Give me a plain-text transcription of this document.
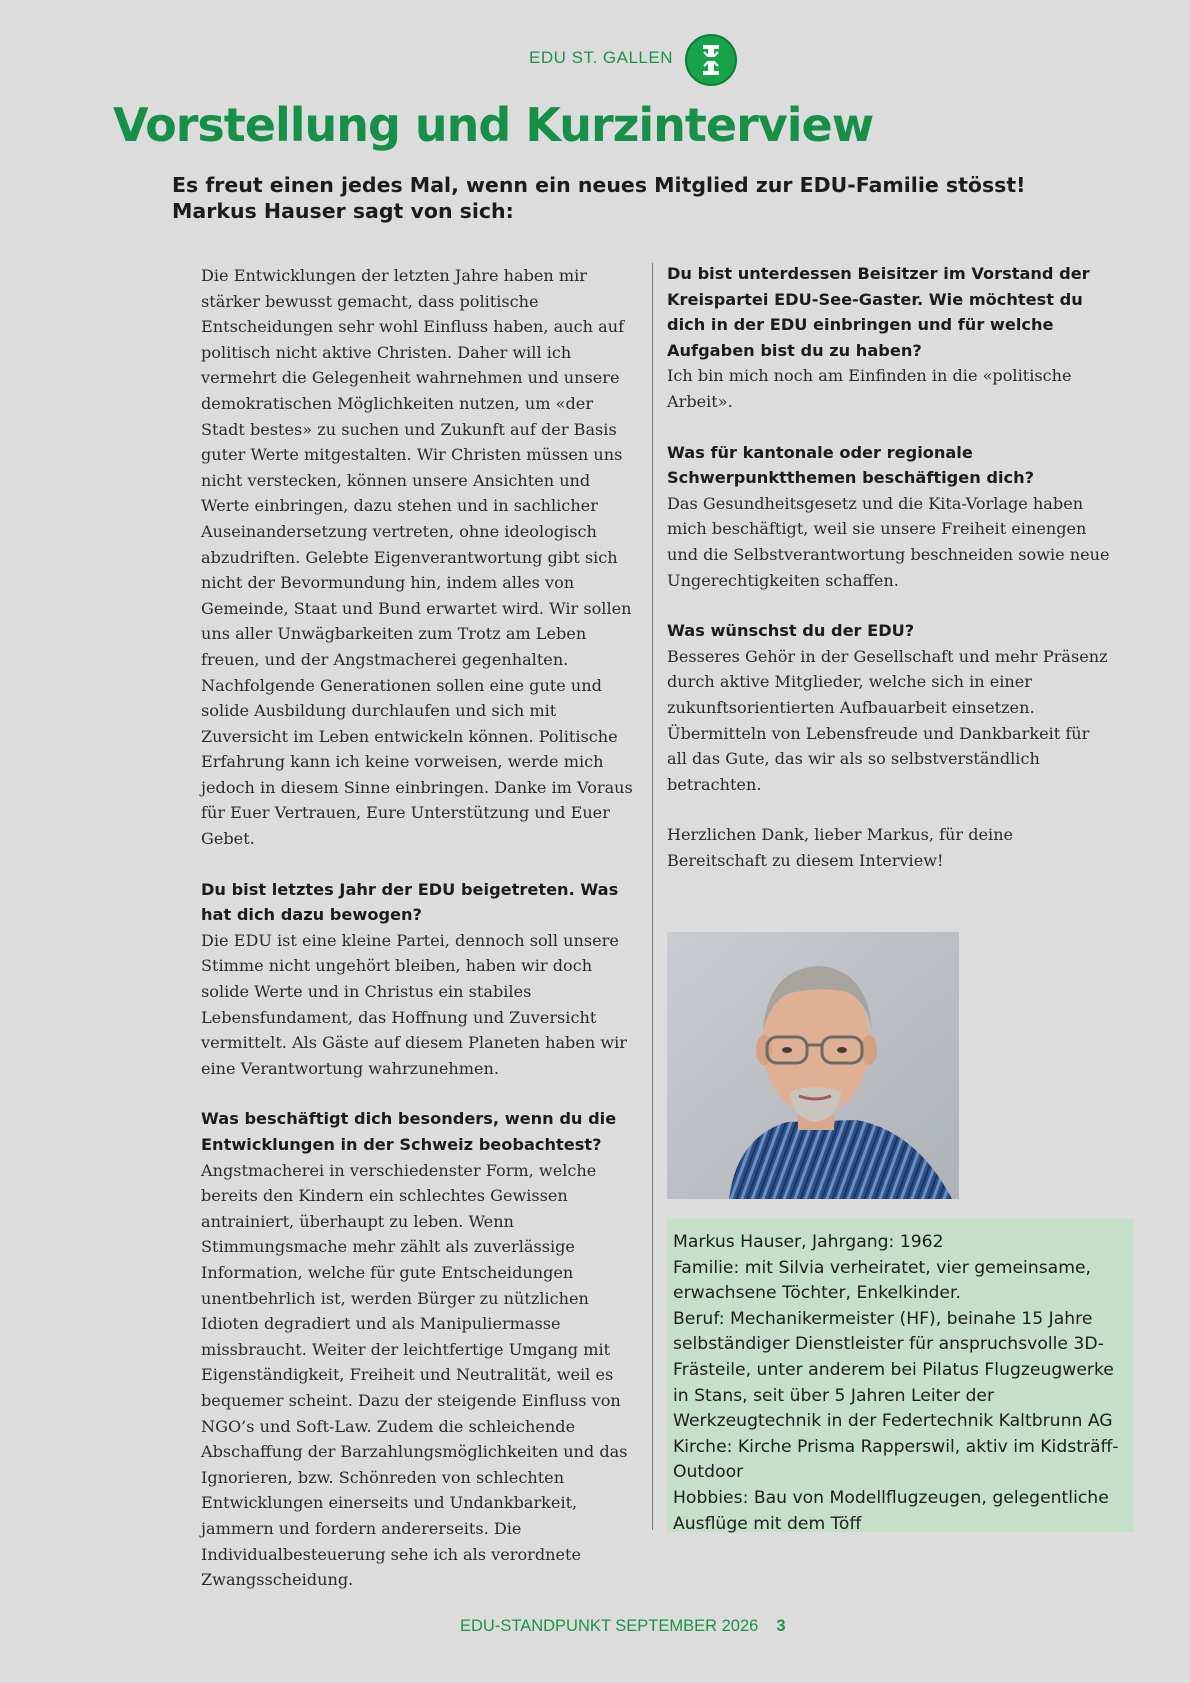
EDU ST. GALLEN
Vorstellung und Kurzinterview
Es freut einen jedes Mal, wenn ein neues Mitglied zur EDU-Familie stösst!
Markus Hauser sagt von sich:

Die Entwicklungen der letzten Jahre haben mir stärker bewusst gemacht, dass politische Entscheidungen sehr wohl Einfluss haben, auch auf politisch nicht aktive Christen. Daher will ich vermehrt die Gelegenheit wahrnehmen und unsere demokratischen Möglichkeiten nutzen, um «der Stadt bestes» zu suchen und Zukunft auf der Basis guter Werte mitgestalten. Wir Christen müssen uns nicht verstecken, können unsere Ansichten und Werte einbringen, dazu stehen und in sachlicher Auseinandersetzung vertreten, ohne ideologisch abzudriften. Gelebte Eigenverantwortung gibt sich nicht der Bevormundung hin, indem alles von Gemeinde, Staat und Bund erwartet wird. Wir sollen uns aller Unwägbarkeiten zum Trotz am Leben freuen, und der Angstmacherei gegenhalten. Nachfolgende Generationen sollen eine gute und solide Ausbildung durchlaufen und sich mit Zuversicht im Leben entwickeln können. Politische Erfahrung kann ich keine vorweisen, werde mich jedoch in diesem Sinne einbringen. Danke im Voraus für Euer Vertrauen, Eure Unterstützung und Euer Gebet.

Du bist letztes Jahr der EDU beigetreten. Was hat dich dazu bewogen?

Die EDU ist eine kleine Partei, dennoch soll unsere Stimme nicht ungehört bleiben, haben wir doch solide Werte und in Christus ein stabiles Lebensfundament, das Hoffnung und Zuversicht vermittelt. Als Gäste auf diesem Planeten haben wir eine Verantwortung wahrzunehmen.

Was beschäftigt dich besonders, wenn du die Entwicklungen in der Schweiz beobachtest?

Angstmacherei in verschiedenster Form, welche bereits den Kindern ein schlechtes Gewissen antrainiert, überhaupt zu leben. Wenn Stimmungsmache mehr zählt als zuverlässige Information, welche für gute Entscheidungen unentbehrlich ist, werden Bürger zu nützlichen Idioten degradiert und als Manipuliermasse missbraucht. Weiter der leichtfertige Umgang mit Eigenständigkeit, Freiheit und Neutralität, weil es bequemer scheint. Dazu der steigende Einfluss von NGO’s und Soft-Law. Zudem die schleichende Abschaffung der Barzahlungsmöglichkeiten und das Ignorieren, bzw. Schönreden von schlechten Entwicklungen einerseits und Undankbarkeit, jammern und fordern andererseits. Die Individualbesteuerung sehe ich als verordnete Zwangsscheidung.

Du bist unterdessen Beisitzer im Vorstand der Kreispartei EDU-See-Gaster. Wie möchtest du dich in der EDU einbringen und für welche Aufgaben bist du zu haben?

Ich bin mich noch am Einfinden in die «politische Arbeit».

Was für kantonale oder regionale Schwerpunktthemen beschäftigen dich?

Das Gesundheitsgesetz und die Kita-Vorlage haben mich beschäftigt, weil sie unsere Freiheit einengen und die Selbstverantwortung beschneiden sowie neue Ungerechtigkeiten schaffen.

Was wünschst du der EDU?

Besseres Gehör in der Gesellschaft und mehr Präsenz durch aktive Mitglieder, welche sich in einer zukunftsorientierten Aufbauarbeit einsetzen. Übermitteln von Lebensfreude und Dankbarkeit für all das Gute, das wir als so selbstverständlich betrachten.

Herzlichen Dank, lieber Markus, für deine Bereitschaft zu diesem Interview!

Markus Hauser, Jahrgang: 1962

Familie: mit Silvia verheiratet, vier gemeinsame, erwachsene Töchter, Enkelkinder.

Beruf: Mechanikermeister (HF), beinahe 15 Jahre selbständiger Dienstleister für anspruchsvolle 3D-Frästeile, unter anderem bei Pilatus Flugzeugwerke in Stans, seit über 5 Jahren Leiter der Werkzeugtechnik in der Federtechnik Kaltbrunn AG

Kirche: Kirche Prisma Rapperswil, aktiv im Kidsträff-Outdoor

Hobbies: Bau von Modellflugzeugen, gelegentliche Ausflüge mit dem Töff

EDU-STANDPUNKT SEPTEMBER 2026 3
